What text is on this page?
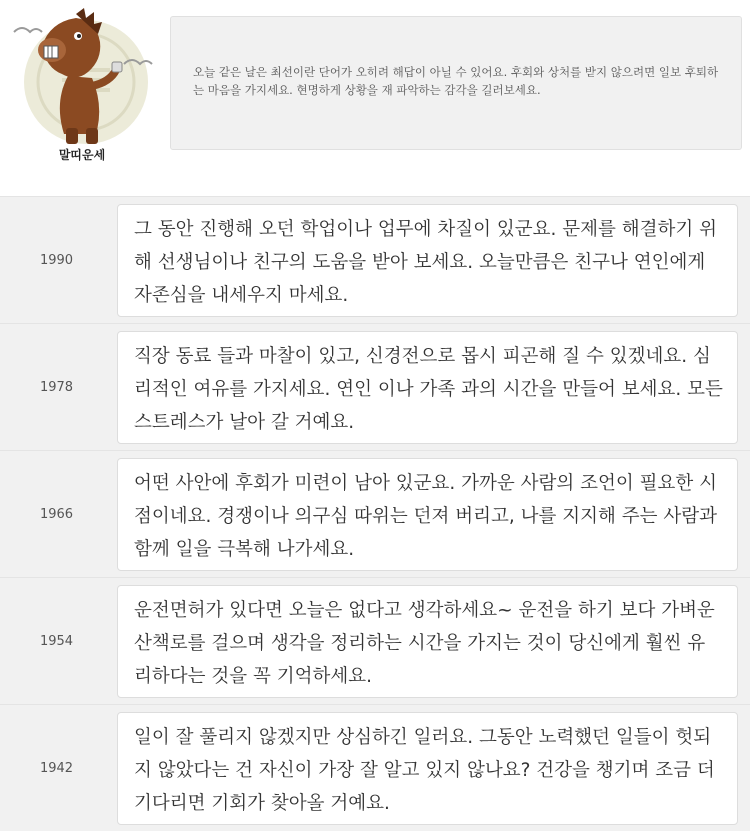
말띠운세
오늘 같은 날은 최선이란 단어가 오히려 해답이 아닐 수 있어요. 후회와 상처를 받지 않으려면 일보 후퇴하는 마음을 가지세요. 현명하게 상황을 재 파악하는 감각을 길러보세요.
1990
그 동안 진행해 오던 학업이나 업무에 차질이 있군요. 문제를 해결하기 위해 선생님이나 친구의 도움을 받아 보세요. 오늘만큼은 친구나 연인에게 자존심을 내세우지 마세요.
1978
직장 동료 들과 마찰이 있고, 신경전으로 몹시 피곤해 질 수 있겠네요. 심리적인 여유를 가지세요. 연인 이나 가족 과의 시간을 만들어 보세요. 모든 스트레스가 날아 갈 거예요.
1966
어떤 사안에 후회가 미련이 남아 있군요. 가까운 사람의 조언이 필요한 시점이네요. 경쟁이나 의구심 따위는 던져 버리고, 나를 지지해 주는 사람과 함께 일을 극복해 나가세요.
1954
운전면허가 있다면 오늘은 없다고 생각하세요~ 운전을 하기 보다 가벼운 산책로를 걸으며 생각을 정리하는 시간을 가지는 것이 당신에게 훨씬 유리하다는 것을 꼭 기억하세요.
1942
일이 잘 풀리지 않겠지만 상심하긴 일러요. 그동안 노력했던 일들이 헛되지 않았다는 건 자신이 가장 잘 알고 있지 않나요? 건강을 챙기며 조금 더 기다리면 기회가 찾아올 거예요.
